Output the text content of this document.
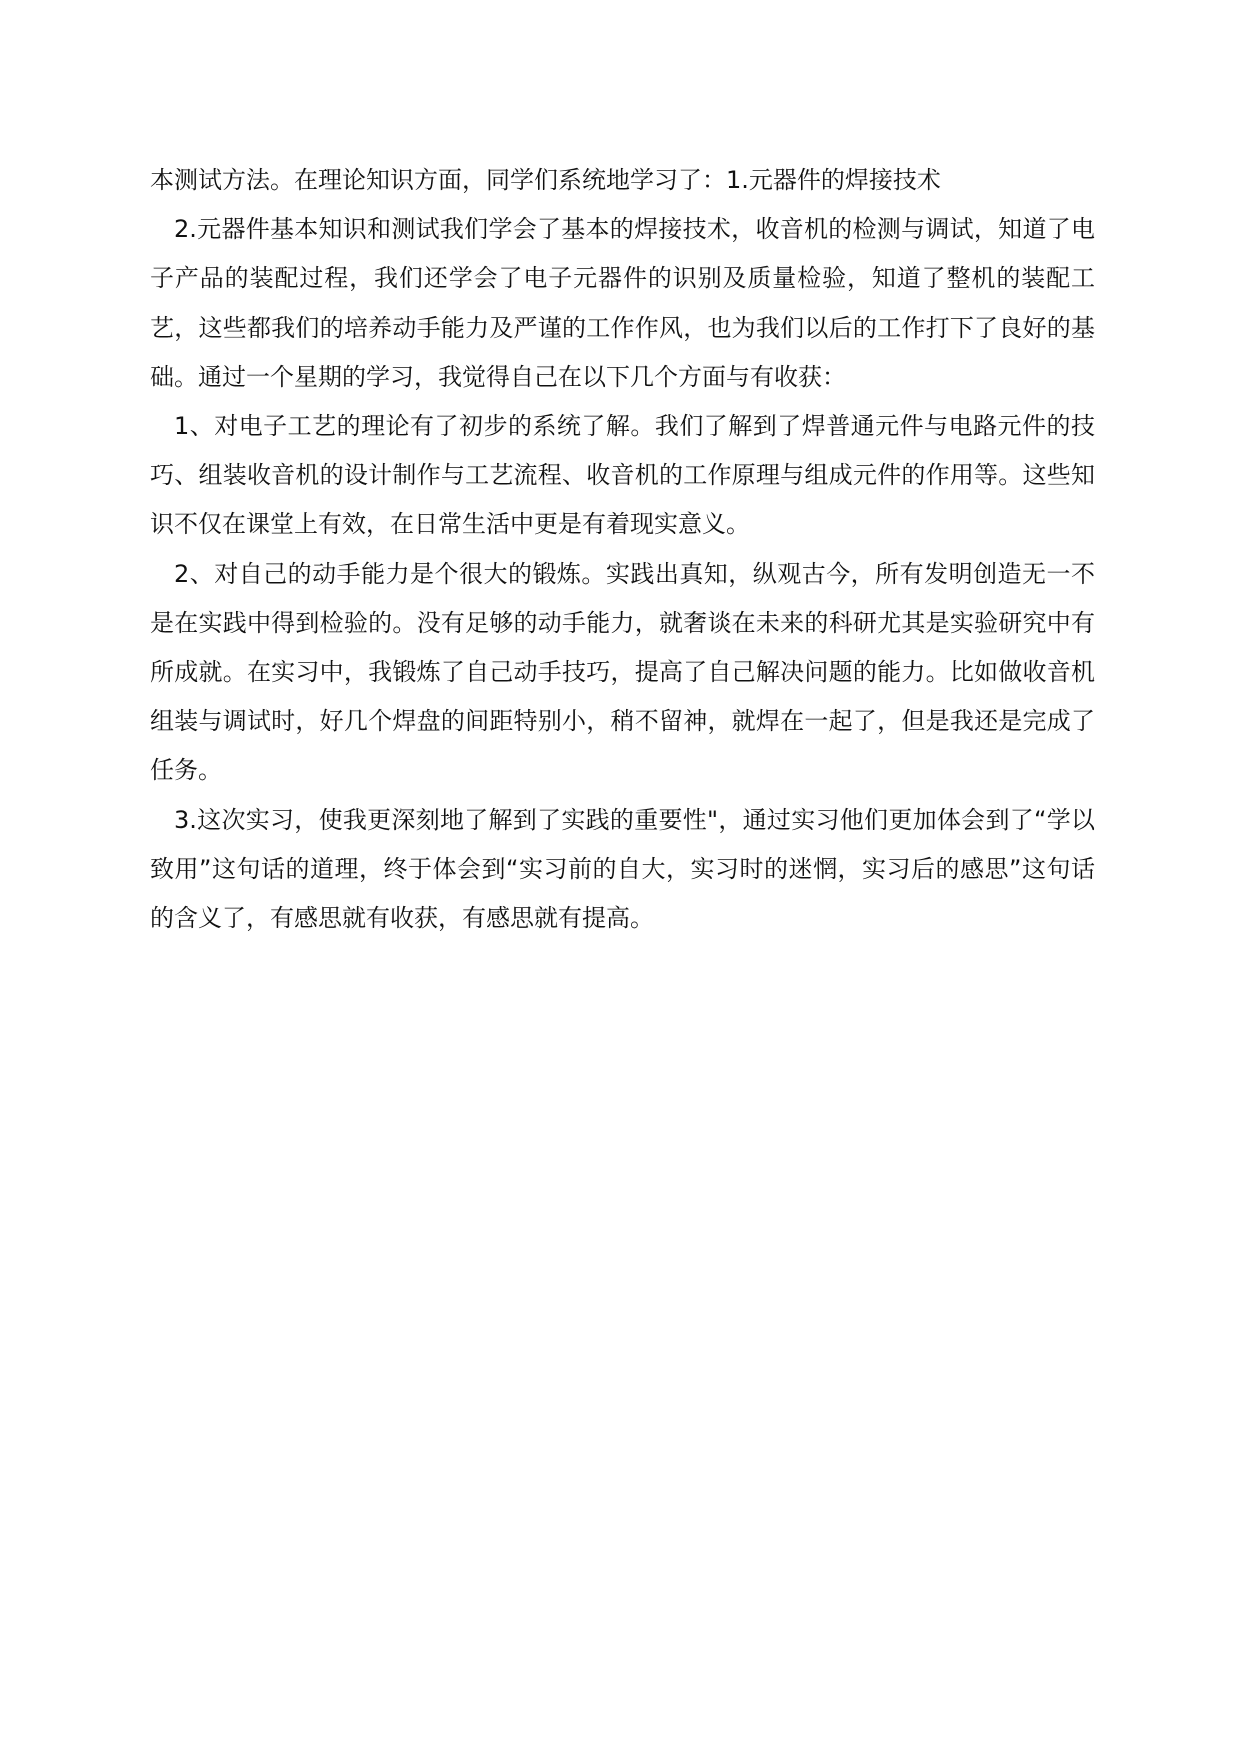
本测试方法。在理论知识方面，同学们系统地学习了：1.元器件的焊接技术

2.元器件基本知识和测试我们学会了基本的焊接技术，收音机的检测与调试，知道了电子产品的装配过程，我们还学会了电子元器件的识别及质量检验，知道了整机的装配工艺，这些都我们的培养动手能力及严谨的工作作风，也为我们以后的工作打下了良好的基础。通过一个星期的学习，我觉得自己在以下几个方面与有收获：

1、对电子工艺的理论有了初步的系统了解。我们了解到了焊普通元件与电路元件的技巧、组装收音机的设计制作与工艺流程、收音机的工作原理与组成元件的作用等。这些知识不仅在课堂上有效，在日常生活中更是有着现实意义。

2、对自己的动手能力是个很大的锻炼。实践出真知，纵观古今，所有发明创造无一不是在实践中得到检验的。没有足够的动手能力，就奢谈在未来的科研尤其是实验研究中有所成就。在实习中，我锻炼了自己动手技巧，提高了自己解决问题的能力。比如做收音机组装与调试时，好几个焊盘的间距特别小，稍不留神，就焊在一起了，但是我还是完成了任务。

3.这次实习，使我更深刻地了解到了实践的重要性"，通过实习他们更加体会到了“学以致用”这句话的道理，终于体会到“实习前的自大，实习时的迷惘，实习后的感思”这句话的含义了，有感思就有收获，有感思就有提高。
